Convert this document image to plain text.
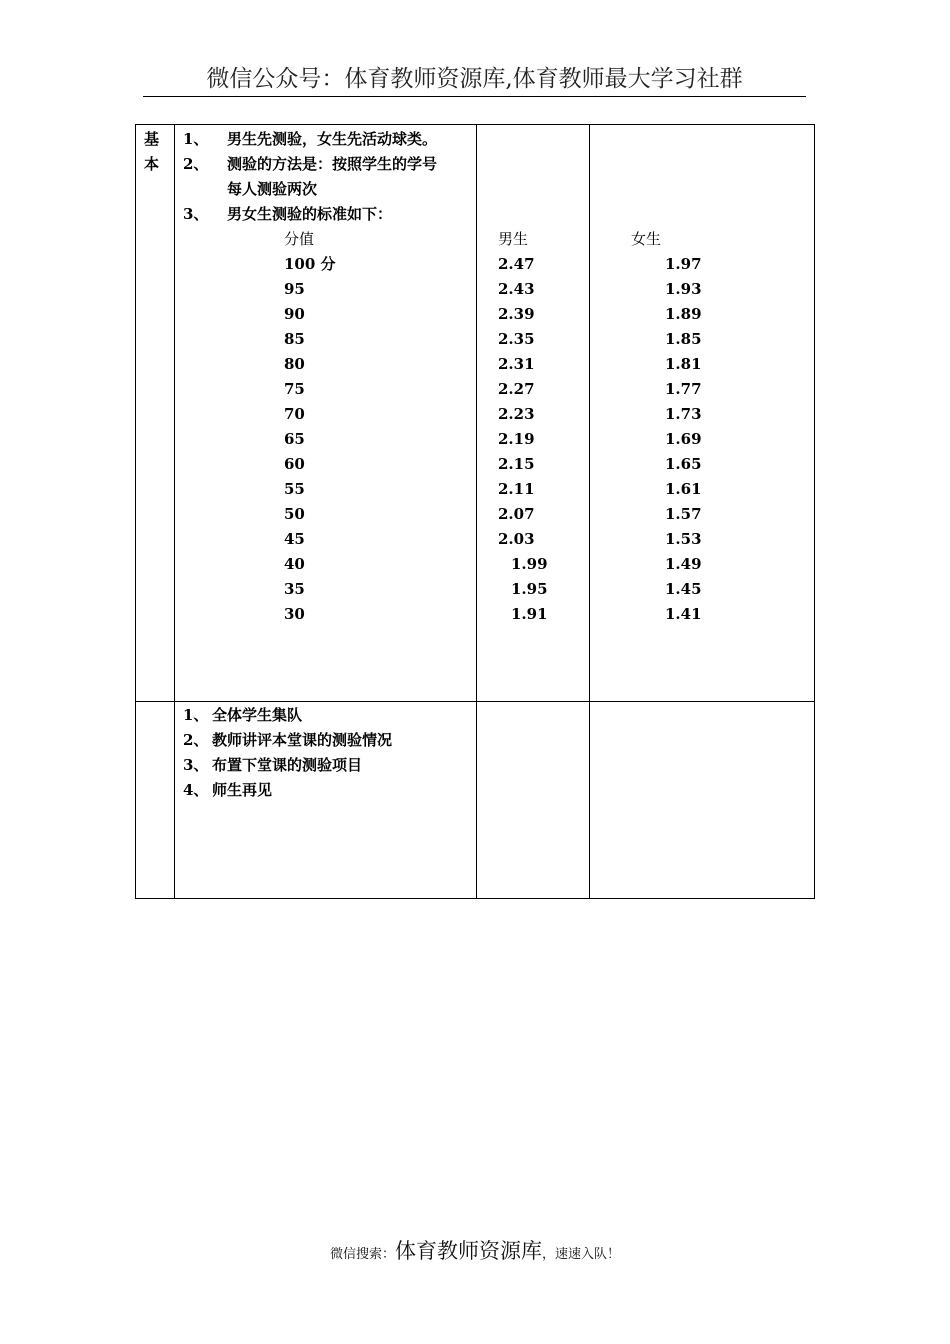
微信公众号：体育教师资源库,体育教师最大学习社群
基本
1、 男生先测验，女生先活动球类。
2、 测验的方法是：按照学生的学号
每人测验两次
3、 男女生测验的标准如下：
分值	男生	女生
100 分	2.47	1.97
95	2.43	1.93
90	2.39	1.89
85	2.35	1.85
80	2.31	1.81
75	2.27	1.77
70	2.23	1.73
65	2.19	1.69
60	2.15	1.65
55	2.11	1.61
50	2.07	1.57
45	2.03	1.53
40	1.99	1.49
35	1.95	1.45
30	1.91	1.41
1、 全体学生集队
2、 教师讲评本堂课的测验情况
3、 布置下堂课的测验项目
4、 师生再见
微信搜索：体育教师资源库，速速入队！
